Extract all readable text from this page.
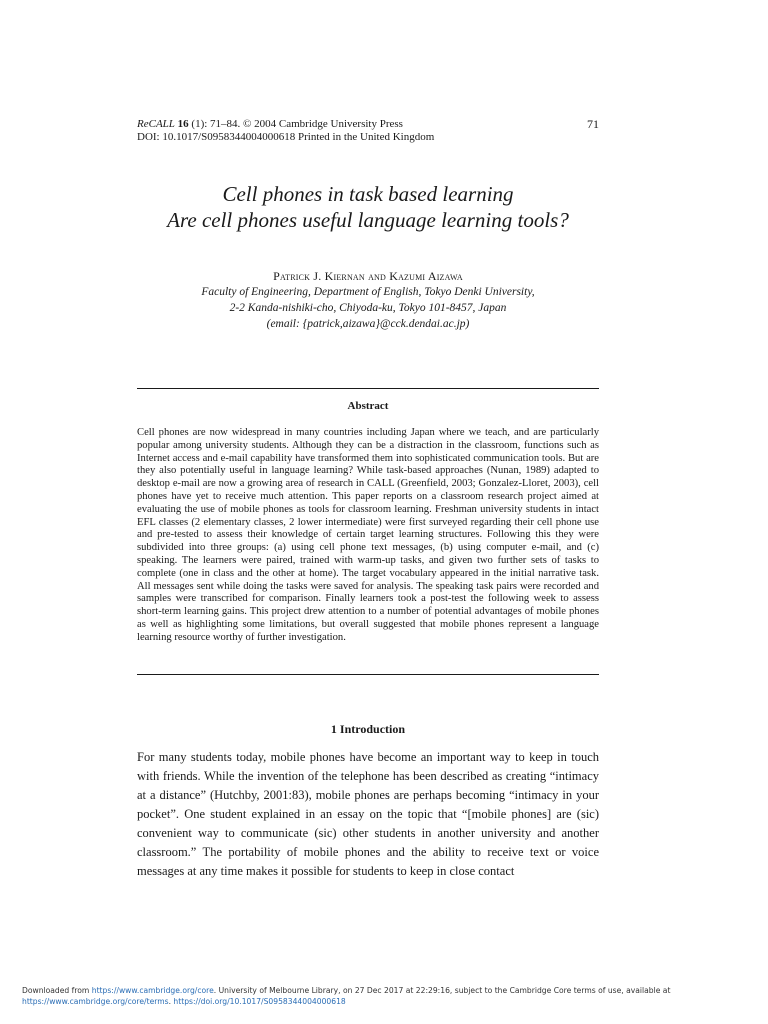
ReCALL 16 (1): 71–84. © 2004 Cambridge University Press
DOI: 10.1017/S0958344004000618 Printed in the United Kingdom
71
Cell phones in task based learning
Are cell phones useful language learning tools?
Patrick J. Kiernan and Kazumi Aizawa
Faculty of Engineering, Department of English, Tokyo Denki University,
2-2 Kanda-nishiki-cho, Chiyoda-ku, Tokyo 101-8457, Japan
(email: {patrick,aizawa}@cck.dendai.ac.jp)
Abstract

Cell phones are now widespread in many countries including Japan where we teach, and are particularly popular among university students. Although they can be a distraction in the classroom, functions such as Internet access and e-mail capability have transformed them into sophisticated communication tools. But are they also potentially useful in language learning? While task-based approaches (Nunan, 1989) adapted to desktop e-mail are now a growing area of research in CALL (Greenfield, 2003; Gonzalez-Lloret, 2003), cell phones have yet to receive much attention. This paper reports on a classroom research project aimed at evaluating the use of mobile phones as tools for classroom learning. Freshman university students in intact EFL classes (2 elementary classes, 2 lower intermediate) were first surveyed regarding their cell phone use and pre-tested to assess their knowledge of certain target learning structures. Following this they were subdivided into three groups: (a) using cell phone text messages, (b) using computer e-mail, and (c) speaking. The learners were paired, trained with warm-up tasks, and given two further sets of tasks to complete (one in class and the other at home). The target vocabulary appeared in the initial narrative task. All messages sent while doing the tasks were saved for analysis. The speaking task pairs were recorded and samples were transcribed for comparison. Finally learners took a post-test the following week to assess short-term learning gains. This project drew attention to a number of potential advantages of mobile phones as well as highlighting some limitations, but overall suggested that mobile phones represent a language learning resource worthy of further investigation.

1 Introduction

For many students today, mobile phones have become an important way to keep in touch with friends. While the invention of the telephone has been described as creating “intimacy at a distance” (Hutchby, 2001:83), mobile phones are perhaps becoming “intimacy in your pocket”. One student explained in an essay on the topic that “[mobile phones] are (sic) convenient way to communicate (sic) other students in another university and another classroom.” The portability of mobile phones and the ability to receive text or voice messages at any time makes it possible for students to keep in close contact

Downloaded from https://www.cambridge.org/core. University of Melbourne Library, on 27 Dec 2017 at 22:29:16, subject to the Cambridge Core terms of use, available at
https://www.cambridge.org/core/terms. https://doi.org/10.1017/S0958344004000618
